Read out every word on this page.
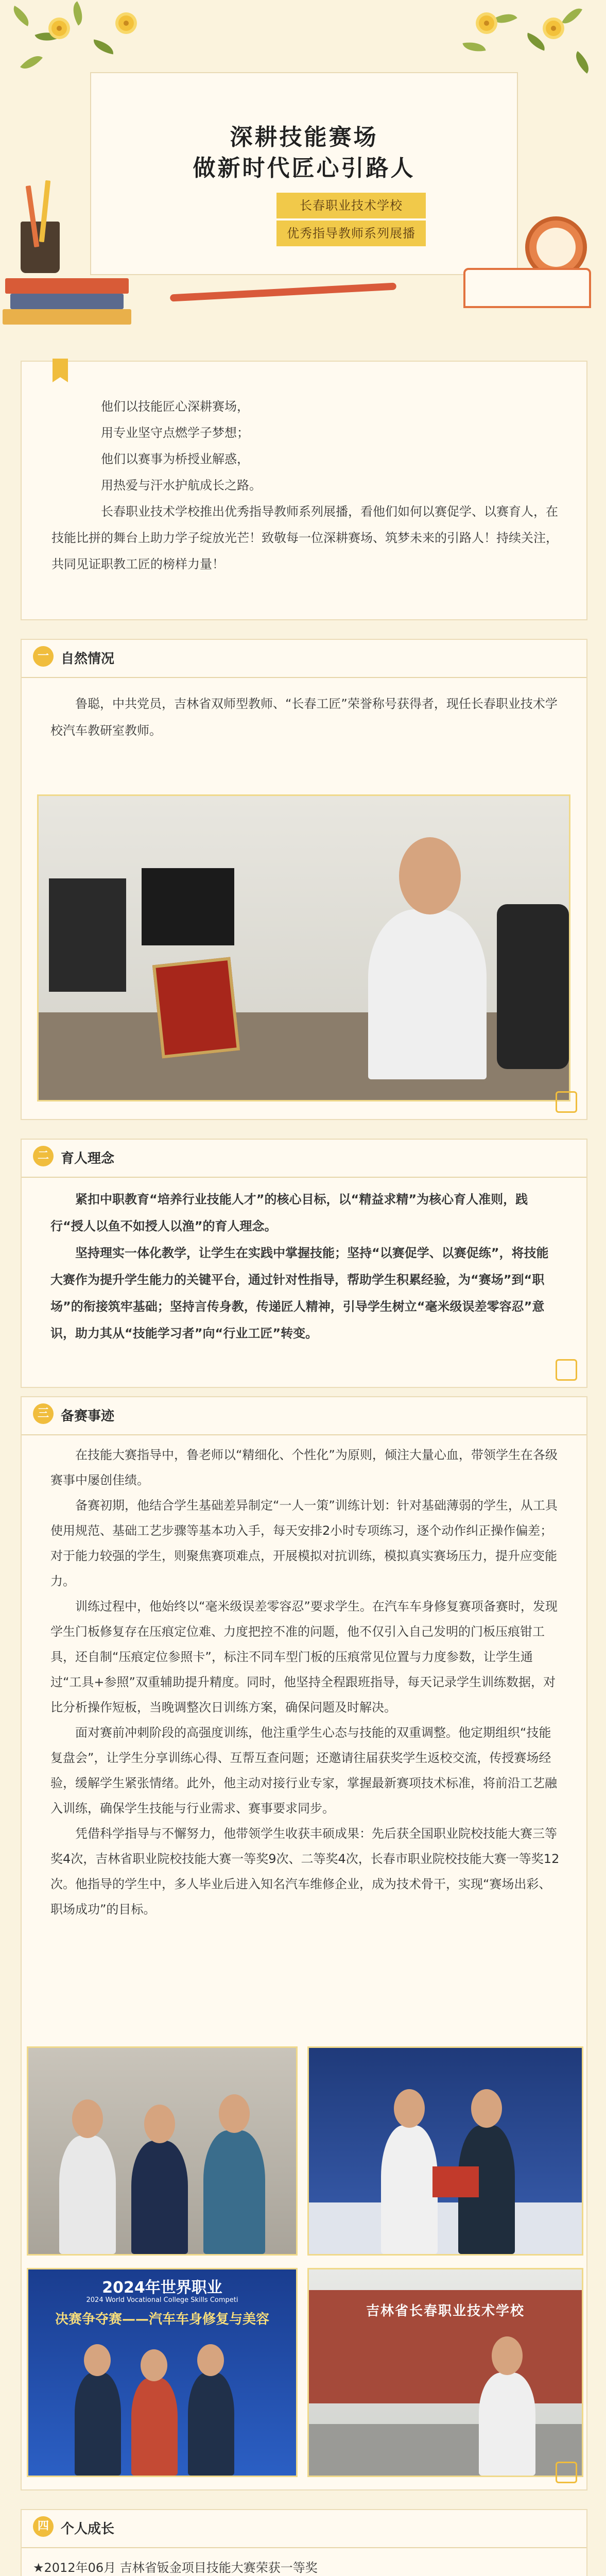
深耕技能赛场
做新时代匠心引路人
长春职业技术学校
优秀指导教师系列展播

他们以技能匠心深耕赛场，

用专业坚守点燃学子梦想；

他们以赛事为桥授业解惑，

用热爱与汗水护航成长之路。

长春职业技术学校推出优秀指导教师系列展播，看他们如何以赛促学、以赛育人，在技能比拼的舞台上助力学子绽放光芒！致敬每一位深耕赛场、筑梦未来的引路人！持续关注，共同见证职教工匠的榜样力量！

一 自然情况

鲁聪，中共党员，吉林省双师型教师、“长春工匠”荣誉称号获得者，现任长春职业技术学校汽车教研室教师。

二 育人理念

紧扣中职教育“培养行业技能人才”的核心目标，以“精益求精”为核心育人准则，践行“授人以鱼不如授人以渔”的育人理念。

坚持理实一体化教学，让学生在实践中掌握技能；坚持“以赛促学、以赛促练”，将技能大赛作为提升学生能力的关键平台，通过针对性指导，帮助学生积累经验，为“赛场”到“职场”的衔接筑牢基础；坚持言传身教，传递匠人精神，引导学生树立“毫米级误差零容忍”意识，助力其从“技能学习者”向“行业工匠”转变。

三 备赛事迹

在技能大赛指导中，鲁老师以“精细化、个性化”为原则，倾注大量心血，带领学生在各级赛事中屡创佳绩。

备赛初期，他结合学生基础差异制定“一人一策”训练计划：针对基础薄弱的学生，从工具使用规范、基础工艺步骤等基本功入手，每天安排2小时专项练习，逐个动作纠正操作偏差；对于能力较强的学生，则聚焦赛项难点，开展模拟对抗训练，模拟真实赛场压力，提升应变能力。

训练过程中，他始终以“毫米级误差零容忍”要求学生。在汽车车身修复赛项备赛时，发现学生门板修复存在压痕定位难、力度把控不准的问题，他不仅引入自己发明的门板压痕钳工具，还自制“压痕定位参照卡”，标注不同车型门板的压痕常见位置与力度参数，让学生通过“工具+参照”双重辅助提升精度。同时，他坚持全程跟班指导，每天记录学生训练数据，对比分析操作短板，当晚调整次日训练方案，确保问题及时解决。

面对赛前冲刺阶段的高强度训练，他注重学生心态与技能的双重调整。他定期组织“技能复盘会”，让学生分享训练心得、互帮互查问题；还邀请往届获奖学生返校交流，传授赛场经验，缓解学生紧张情绪。此外，他主动对接行业专家，掌握最新赛项技术标准，将前沿工艺融入训练，确保学生技能与行业需求、赛事要求同步。

凭借科学指导与不懈努力，他带领学生收获丰硕成果：先后获全国职业院校技能大赛三等奖4次，吉林省职业院校技能大赛一等奖9次、二等奖4次，长春市职业院校技能大赛一等奖12次。他指导的学生中，多人毕业后进入知名汽车维修企业，成为技术骨干，实现“赛场出彩、职场成功”的目标。

2024年世界职业
2024 World Vocational College Skills Competi
决赛争夺赛——汽车车身修复与美容
吉林省长春职业技术学校
四 个人成长
★2012年06月 吉林省钣金项目技能大赛荣获一等奖
